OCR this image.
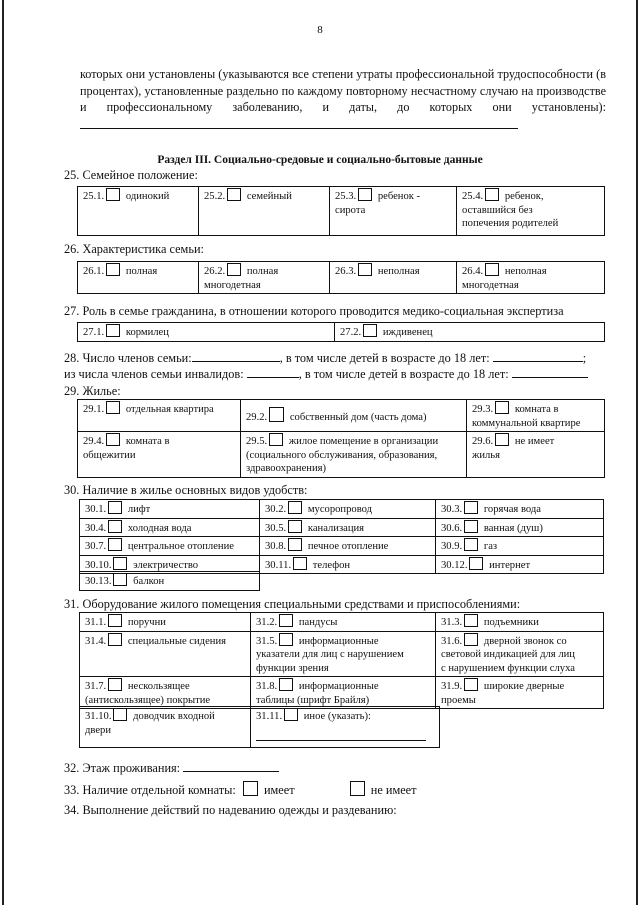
8
которых они установлены (указываются все степени утраты профессиональной трудоспособности (в процентах), установленные раздельно по каждому повторному несчастному случаю на производстве и профессиональному заболеванию, и даты, до которых они установлены):
Раздел III. Социально-средовые и социально-бытовые данные
25. Семейное положение:
25.1. одинокий	25.2. семейный	25.3. ребенок -
сирота	25.4. ребенок,
оставшийся без
попечения родителей
26. Характеристика семьи:
26.1. полная	26.2. полная
многодетная	26.3. неполная	26.4. неполная
многодетная
27. Роль в семье гражданина, в отношении которого проводится медико-социальная экспертиза
27.1. кормилец	27.2. иждивенец
28. Число членов семьи:	, в том числе детей в возрасте до 18 лет:	;
из числа членов семьи инвалидов:	, в том числе детей в возрасте до 18 лет:
29. Жилье:
29.1. отдельная квартира	29.2. собственный дом (часть дома)	29.3. комната в
коммунальной квартире
29.4. комната в
общежитии	29.5. жилое помещение в организации
(социального обслуживания, образования,
здравоохранения)	29.6. не имеет
жилья
30. Наличие в жилье основных видов удобств:
30.1. лифт	30.2. мусоропровод	30.3. горячая вода
30.4. холодная вода	30.5. канализация	30.6. ванная (душ)
30.7. центральное отопление	30.8. печное отопление	30.9. газ
30.10. электричество	30.11. телефон	30.12. интернет
30.13. балкон
31. Оборудование жилого помещения специальными средствами и приспособлениями:
31.1. поручни	31.2. пандусы	31.3. подъемники
31.4. специальные сидения	31.5. информационные
указатели для лиц с нарушением
функции зрения	31.6. дверной звонок со
световой индикацией для лиц
с нарушением функции слуха
31.7. нескользящее
(антискользящее) покрытие	31.8. информационные
таблицы (шрифт Брайля)	31.9. широкие дверные
проемы
31.10. доводчик входной
двери	31.11. иное (указать):

32. Этаж проживания:
33. Наличие отдельной комнаты: имеет	не имеет
34. Выполнение действий по надеванию одежды и раздеванию:
